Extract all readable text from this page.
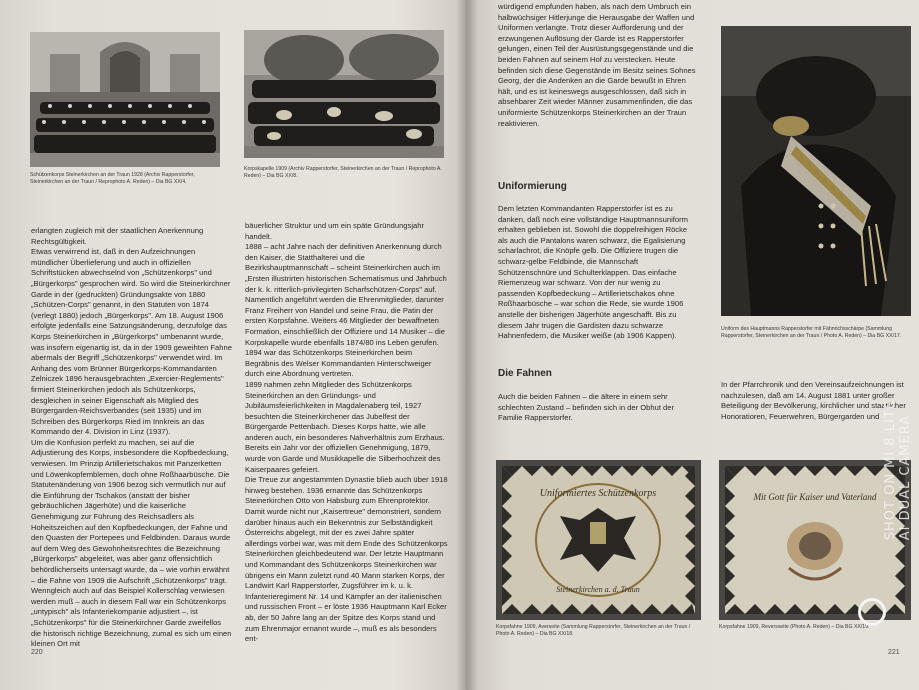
Schützenkorps Steinerkirchen an der Traun 1928 (Archiv Rapperstorfer, Steinerkirchen an der Traun / Reprophoto A. Reden) – Dia BG XX/4.
Korpskapelle 1909 (Archiv Rapperstorfer, Steinerkirchen an der Traun / Reprophoto A. Reden) – Dia BG XX/8.

erlangten zugleich mit der staatlichen Anerkennung Rechtsgültigkeit.

Etwas verwirrend ist, daß in den Aufzeichnungen mündlicher Überlieferung und auch in offiziellen Schriftstücken abwechselnd von „Schützenkorps" und „Bürgerkorps" gesprochen wird. So wird die Steinerkirchner Garde in der (gedruckten) Gründungsakte von 1880 „Schützen-Corps" genannt, in den Statuten von 1874 (verlegt 1880) jedoch „Bürgerkorps". Am 18. August 1906 erfolgte jedenfalls eine Satzungsänderung, derzufolge das Korps Steinerkirchen in „Bürgerkorps" umbenannt wurde, was insofern eigenartig ist, da in der 1909 geweihten Fahne abermals der Begriff „Schützenkorps" verwendet wird. Im Anhang des vom Brünner Bürgerkorps-Kommandanten Zelniczek 1896 herausgebrachten „Exercier-Reglements" firmiert Steinerkirchen jedoch als Schützenkorps, desgleichen in seiner Eigenschaft als Mitglied des Bürgergarden-Reichsverbandes (seit 1935) und im Schreiben des Bürgerkorps Ried im Innkreis an das Kommando der 4. Division in Linz (1937).

Um die Konfusion perfekt zu machen, sei auf die Adjustierung des Korps, insbesondere die Kopfbedeckung, verwiesen. Im Prinzip Artillerietschakos mit Panzerketten und Löwenkopfemblemen, doch ohne Roßhaarbüsche. Die Statutenänderung von 1906 bezog sich vermutlich nur auf die Einführung der Tschakos (anstatt der bisher gebräuchlichen Jägerhüte) und die kaiserliche Genehmigung zur Führung des Reichsadlers als Hoheitszeichen auf den Kopfbedeckungen, der Fahne und den Quasten der Portepees und Feldbinden. Daraus wurde auf dem Weg des Gewohnheitsrechtes die Bezeichnung „Bürgerkorps" abgeleitet, was aber ganz offensichtlich behördlicherseits untersagt wurde, da – wie vorhin erwähnt – die Fahne von 1909 die Aufschrift „Schützenkorps" trägt. Wenngleich auch auf das Beispiel Kollerschlag verwiesen werden muß – auch in diesem Fall war ein Schützenkorps „untypisch" als Infanteriekompanie adjustiert –, ist „Schützenkorps" für die Steinerkirchner Garde zweifellos die historisch richtige Bezeichnung, zumal es sich um einen kleinen Ort mit

bäuerlicher Struktur und um ein späte Gründungsjahr handelt.

1888 – acht Jahre nach der definitiven Anerkennung durch den Kaiser, die Statthalterei und die Bezirkshauptmannschaft – scheint Steinerkirchen auch im „Ersten illustrirten historischen Schematismus und Jahrbuch der k. k. ritterlich-privilegirten Scharfschützen-Corps" auf. Namentlich angeführt werden die Ehrenmitglieder, darunter Franz Freiherr von Handel und seine Frau, die Patin der ersten Korpsfahne. Weiters 46 Mitglieder der bewaffneten Formation, einschließlich der Offiziere und 14 Musiker – die Korpskapelle wurde ebenfalls 1874/80 ins Leben gerufen.

1894 war das Schützenkorps Steinerkirchen beim Begräbnis des Welser Kommandanten Hinterschweiger durch eine Abordnung vertreten.

1899 nahmen zehn Mitglieder des Schützenkorps Steinerkirchen an den Gründungs- und Jubiläumsfeierlichkeiten in Magdalenaberg teil, 1927 besuchten die Steinerkirchener das Jubelfest der Bürgergarde Pettenbach. Dieses Korps hatte, wie alle anderen auch, ein besonderes Nahverhältnis zum Erzhaus. Bereits ein Jahr vor der offiziellen Genehmigung, 1879, wurde von Garde und Musikkapelle die Silberhochzeit des Kaiserpaares gefeiert.

Die Treue zur angestammten Dynastie blieb auch über 1918 hinweg bestehen. 1936 ernannte das Schützenkorps Steinerkirchen Otto von Habsburg zum Ehrenprotektor. Damit wurde nicht nur „Kaisertreue" demonstriert, sondern darüber hinaus auch ein Bekenntnis zur Selbständigkeit Österreichs abgelegt, mit der es zwei Jahre später allerdings vorbei war, was mit dem Ende des Schützenkorps Steinerkirchen gleichbedeutend war. Der letzte Hauptmann und Kommandant des Schützenkorps Steinerkirchen war übrigens ein Mann zuletzt rund 40 Mann starken Korps, der Landwirt Karl Rapperstorfer, Zugsführer im k. u. k. Infanterieregiment Nr. 14 und Kämpfer an der italienischen und russischen Front – er löste 1936 Hauptmann Karl Ecker ab, der 50 Jahre lang an der Spitze des Korps stand und zum Ehrenmajor ernannt wurde –, muß es als besonders ent-

220

würdigend empfunden haben, als nach dem Umbruch ein halbwüchsiger Hitlerjunge die Herausgabe der Waffen und Uniformen verlangte. Trotz dieser Aufforderung und der erzwungenen Auflösung der Garde ist es Rapperstorfer gelungen, einen Teil der Ausrüstungsgegenstände und die beiden Fahnen auf seinem Hof zu verstecken. Heute befinden sich diese Gegenstände im Besitz seines Sohnes Georg, der die Andenken an die Garde bewußt in Ehren hält, und es ist keineswegs ausgeschlossen, daß sich in absehbarer Zeit wieder Männer zusammenfinden, die das uniformierte Schützenkorps Steinerkirchen an der Traun reaktivieren.

Uniformierung

Dem letzten Kommandanten Rapperstorfer ist es zu danken, daß noch eine vollständige Hauptmannsuniform erhalten geblieben ist. Sowohl die doppelreihigen Röcke als auch die Pantalons waren schwarz, die Egalisierung scharlachrot, die Knöpfe gelb. Die Offiziere trugen die schwarz-gelbe Feldbinde, die Mannschaft Schützenschnüre und Schulterklappen. Das einfache Riemenzeug war schwarz. Von der nur wenig zu passenden Kopfbedeckung – Artillerietschakos ohne Roßhaarbüsche – war schon die Rede, sie wurde 1906 anstelle der bisherigen Jägerhüte angeschafft. Bis zu diesem Jahr trugen die Gardisten dazu schwarze Hahnenfedern, die Musiker weiße (ab 1906 Kappen).

Die Fahnen

Auch die beiden Fahnen – die ältere in einem sehr schlechten Zustand – befinden sich in der Obhut der Familie Rapperstorfer.

Uniform des Hauptmanns Rapperstorfer mit Fähnrichsschärpe (Sammlung Rapperstorfer, Steinerkirchen an der Traun / Photo A. Reden) – Dia BG XX/17.

In der Pfarrchronik und den Vereinsaufzeichnungen ist nachzulesen, daß am 14. August 1881 unter großer Beteiligung der Bevölkerung, kirchlicher und staatlicher Honoratioren, Feuerwehren, Bürgergarden und

Uniformiertes Schützenkorps
Steinerkirchen a. d. Traun
Korpsfahne 1909, Averseite (Sammlung Rapperstorfer, Steinerkirchen an der Traun / Photo A. Reden) – Dia BG XX/18.
Mit Gott für Kaiser und Vaterland
Korpsfahne 1909, Reversseite (Photo A. Reden) – Dia BG XX/19.
221
SHOT ON MI 8 LITE
AI DUAL CAMERA
